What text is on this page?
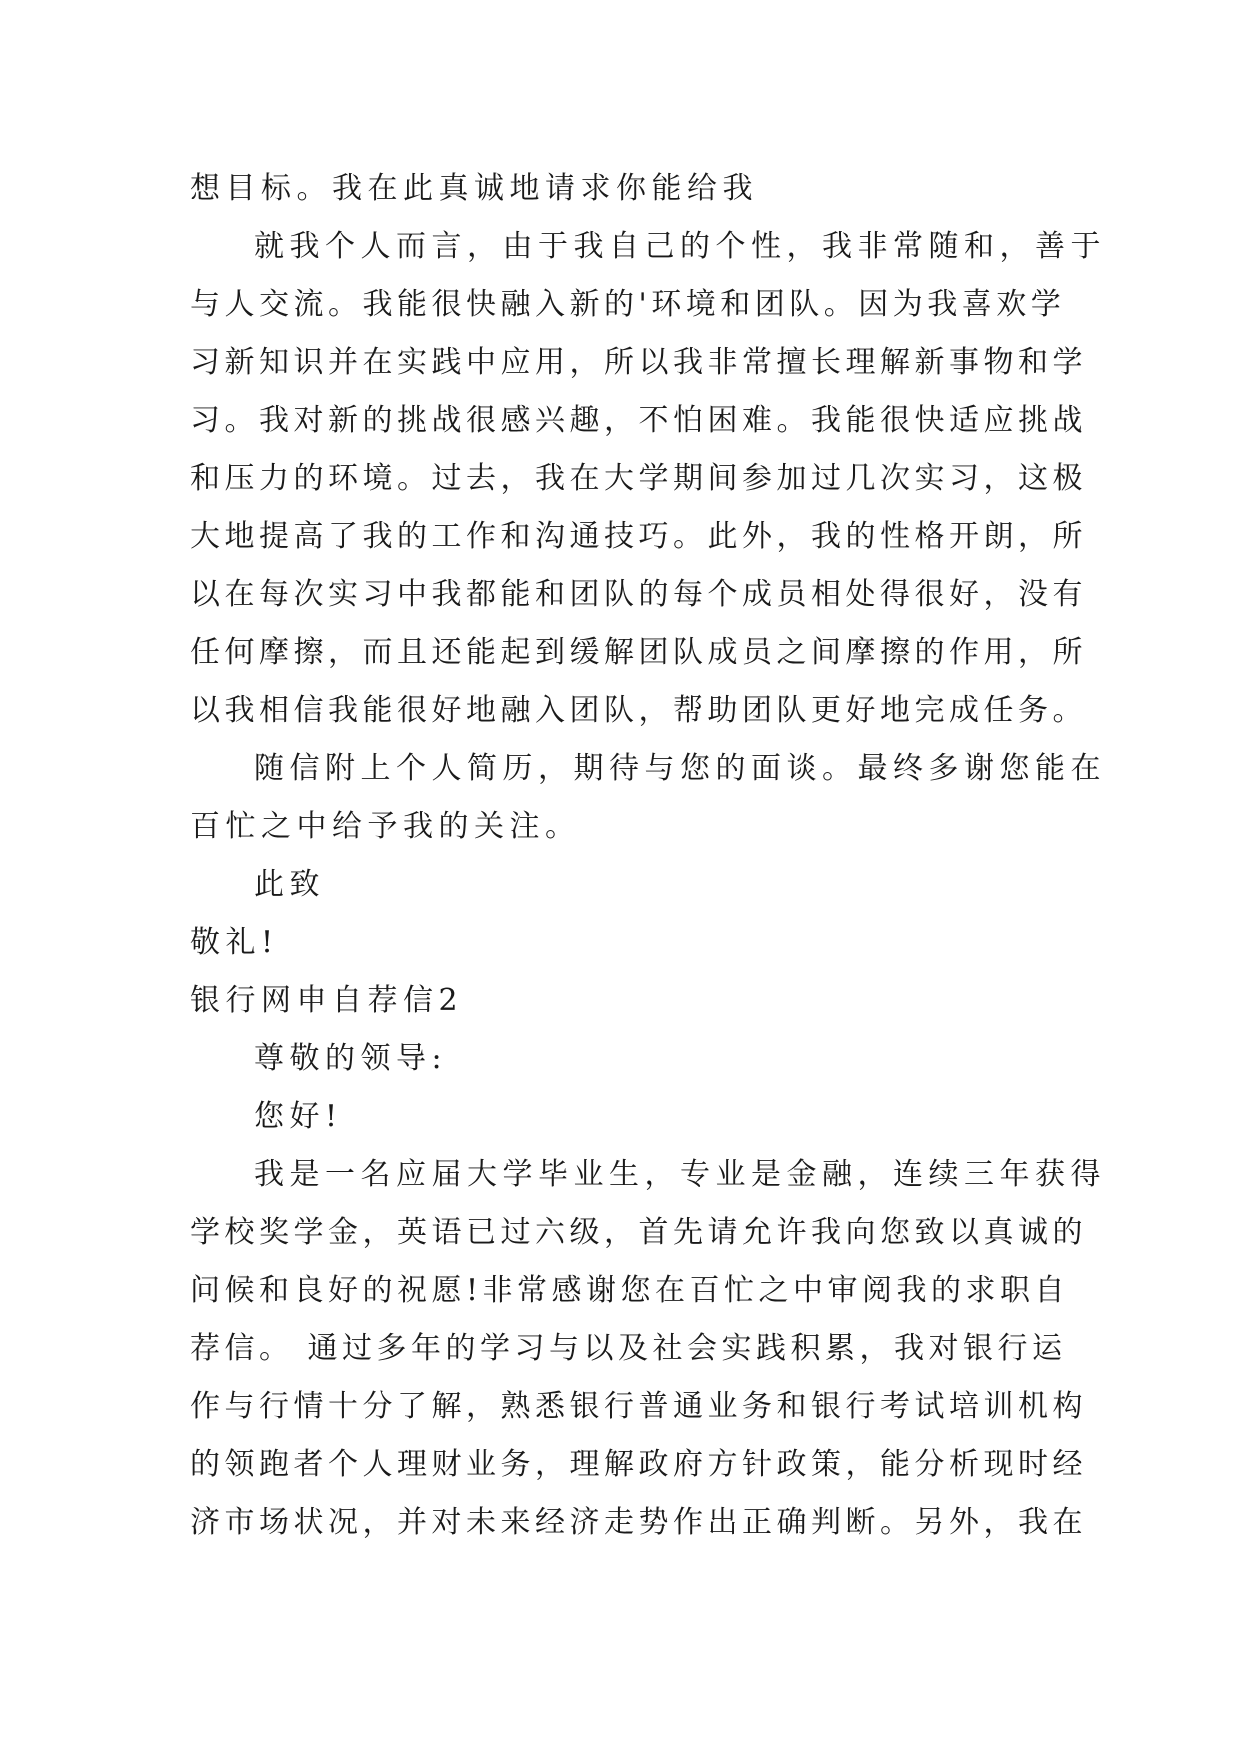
想目标。我在此真诚地请求你能给我
就我个人而言，由于我自己的个性，我非常随和，善于
与人交流。我能很快融入新的'环境和团队。因为我喜欢学
习新知识并在实践中应用，所以我非常擅长理解新事物和学
习。我对新的挑战很感兴趣，不怕困难。我能很快适应挑战
和压力的环境。过去，我在大学期间参加过几次实习，这极
大地提高了我的工作和沟通技巧。此外，我的性格开朗，所
以在每次实习中我都能和团队的每个成员相处得很好，没有
任何摩擦，而且还能起到缓解团队成员之间摩擦的作用，所
以我相信我能很好地融入团队，帮助团队更好地完成任务。
随信附上个人简历，期待与您的面谈。最终多谢您能在
百忙之中给予我的关注。
此致
敬礼!
银行网申自荐信2
尊敬的领导:
您好!
我是一名应届大学毕业生，专业是金融，连续三年获得
学校奖学金，英语已过六级，首先请允许我向您致以真诚的
问候和良好的祝愿!非常感谢您在百忙之中审阅我的求职自
荐信。 通过多年的学习与以及社会实践积累，我对银行运
作与行情十分了解，熟悉银行普通业务和银行考试培训机构
的领跑者个人理财业务，理解政府方针政策，能分析现时经
济市场状况，并对未来经济走势作出正确判断。另外，我在
